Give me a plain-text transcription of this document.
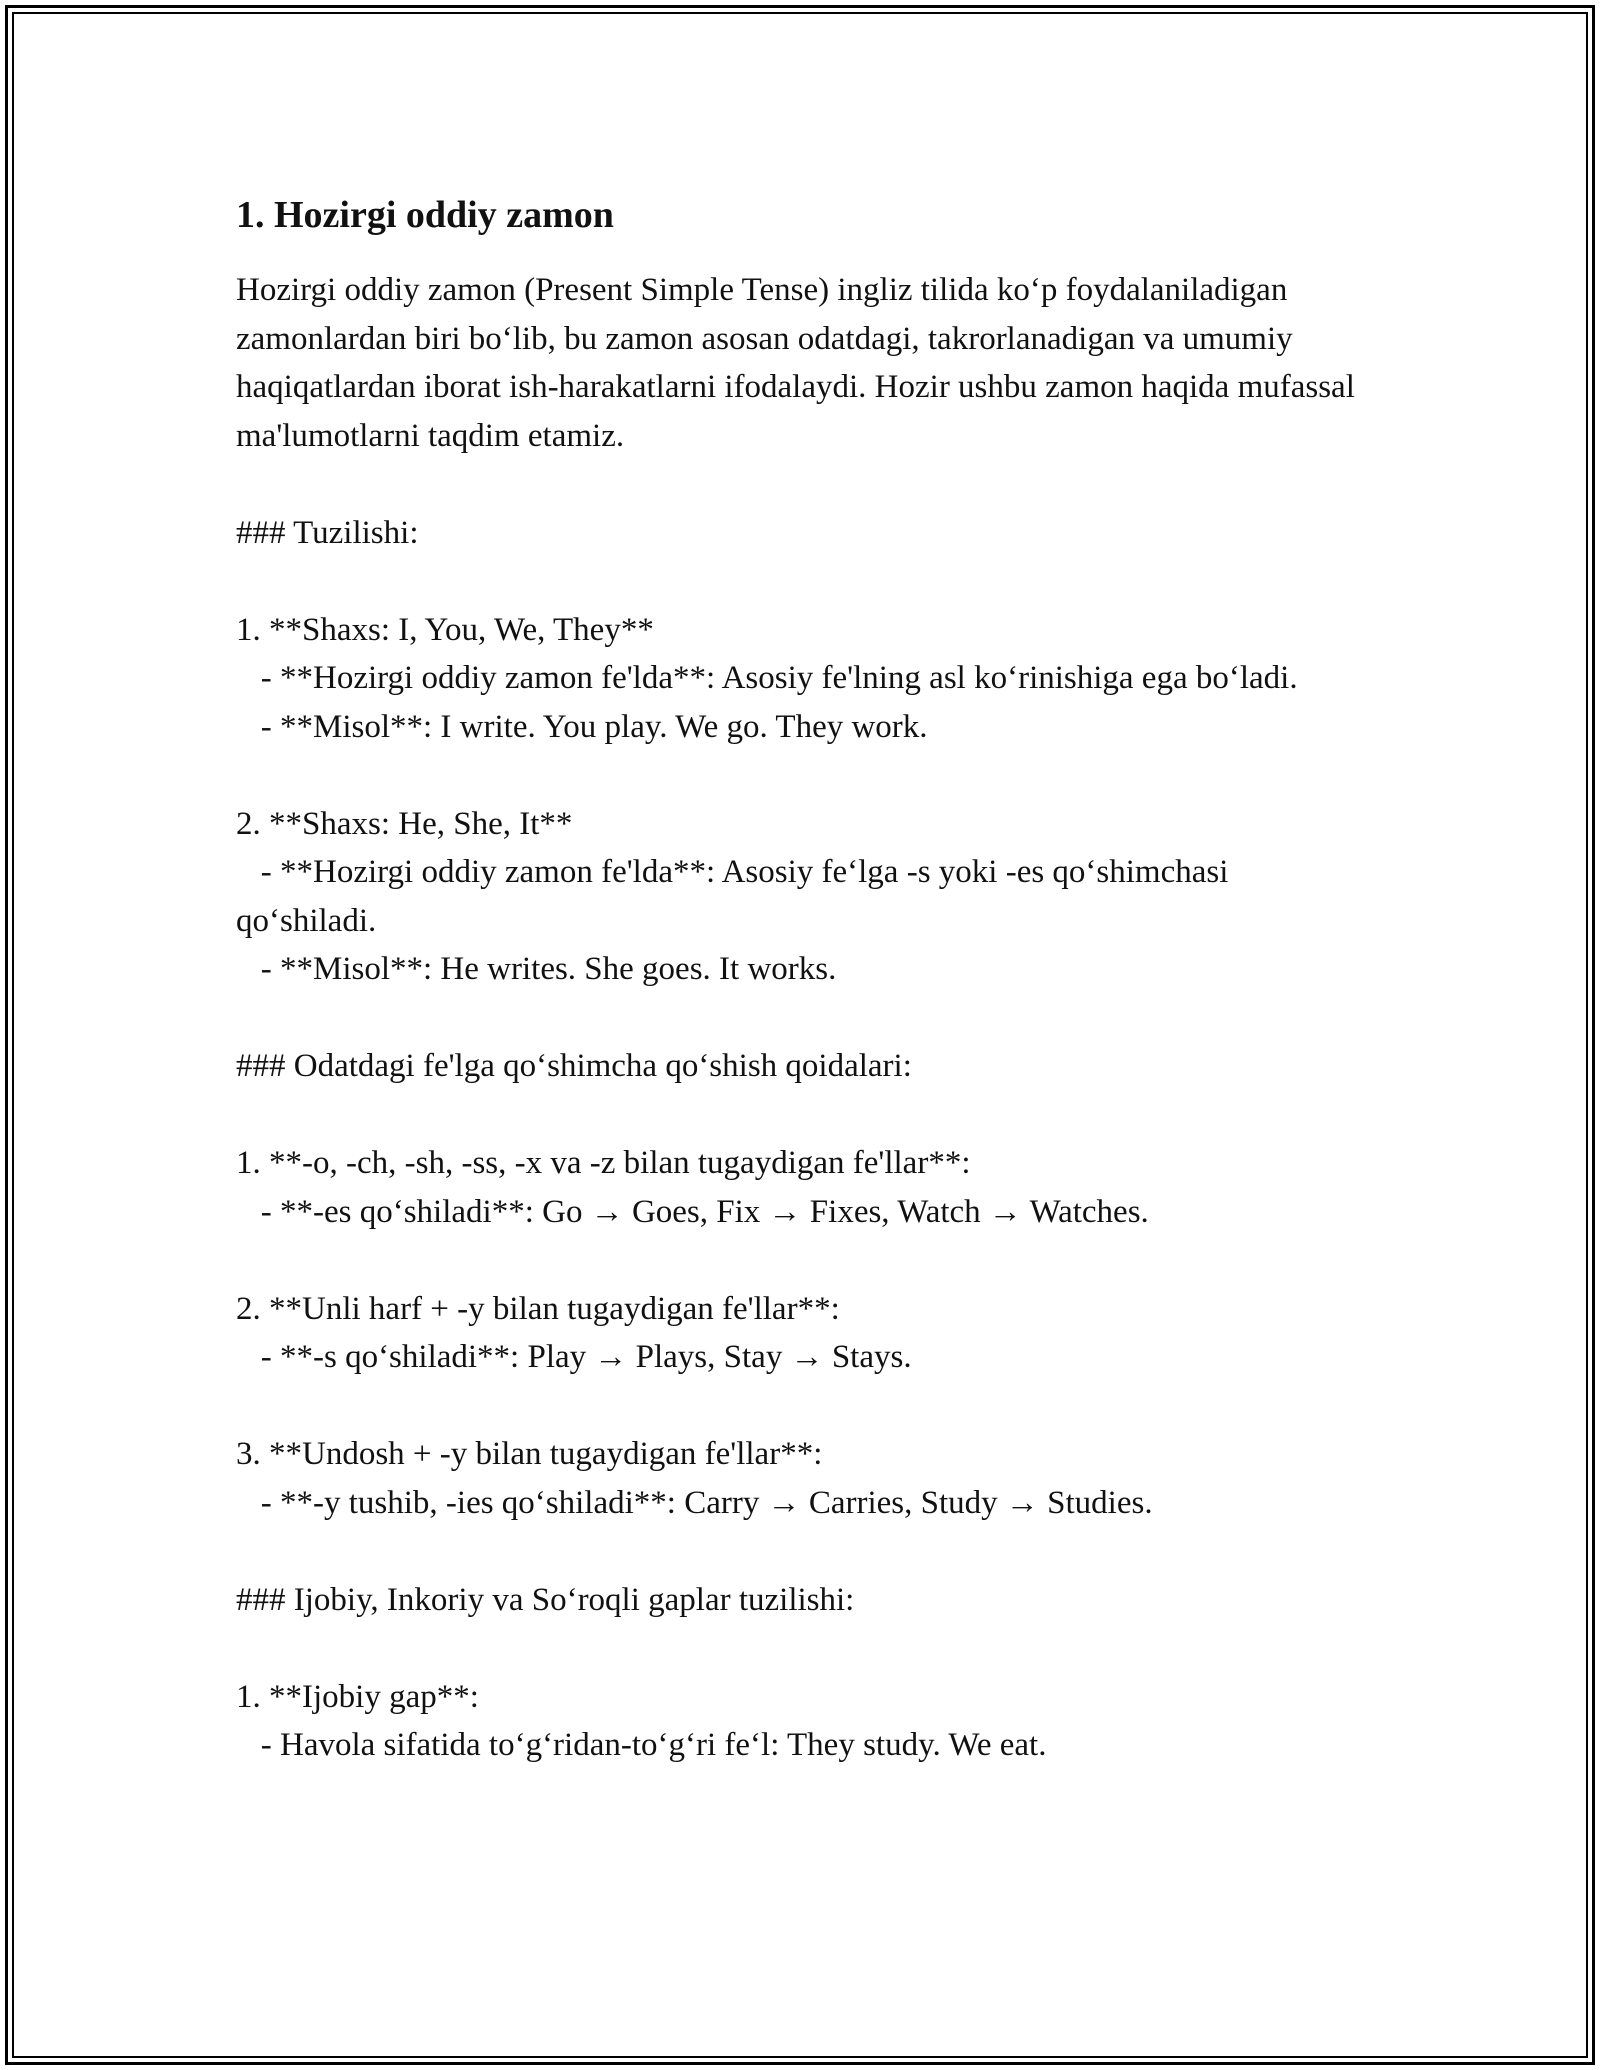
1. Hozirgi oddiy zamon

Hozirgi oddiy zamon (Present Simple Tense) ingliz tilida ko‘p foydalaniladigan zamonlardan biri bo‘lib, bu zamon asosan odatdagi, takrorlanadigan va umumiy haqiqatlardan iborat ish-harakatlarni ifodalaydi. Hozir ushbu zamon haqida mufassal ma'lumotlarni taqdim etamiz.

### Tuzilishi:

1. **Shaxs: I, You, We, They**

- **Hozirgi oddiy zamon fe'lda**: Asosiy fe'lning asl ko‘rinishiga ega bo‘ladi.

- **Misol**: I write. You play. We go. They work.

2. **Shaxs: He, She, It**

- **Hozirgi oddiy zamon fe'lda**: Asosiy fe‘lga -s yoki -es qo‘shimchasi qo‘shiladi.

- **Misol**: He writes. She goes. It works.

### Odatdagi fe'lga qo‘shimcha qo‘shish qoidalari:

1. **-o, -ch, -sh, -ss, -x va -z bilan tugaydigan fe'llar**:

- **-es qo‘shiladi**: Go → Goes, Fix → Fixes, Watch → Watches.

2. **Unli harf + -y bilan tugaydigan fe'llar**:

- **-s qo‘shiladi**: Play → Plays, Stay → Stays.

3. **Undosh + -y bilan tugaydigan fe'llar**:

- **-y tushib, -ies qo‘shiladi**: Carry → Carries, Study → Studies.

### Ijobiy, Inkoriy va So‘roqli gaplar tuzilishi:

1. **Ijobiy gap**:

- Havola sifatida to‘g‘ridan-to‘g‘ri fe‘l: They study. We eat.
